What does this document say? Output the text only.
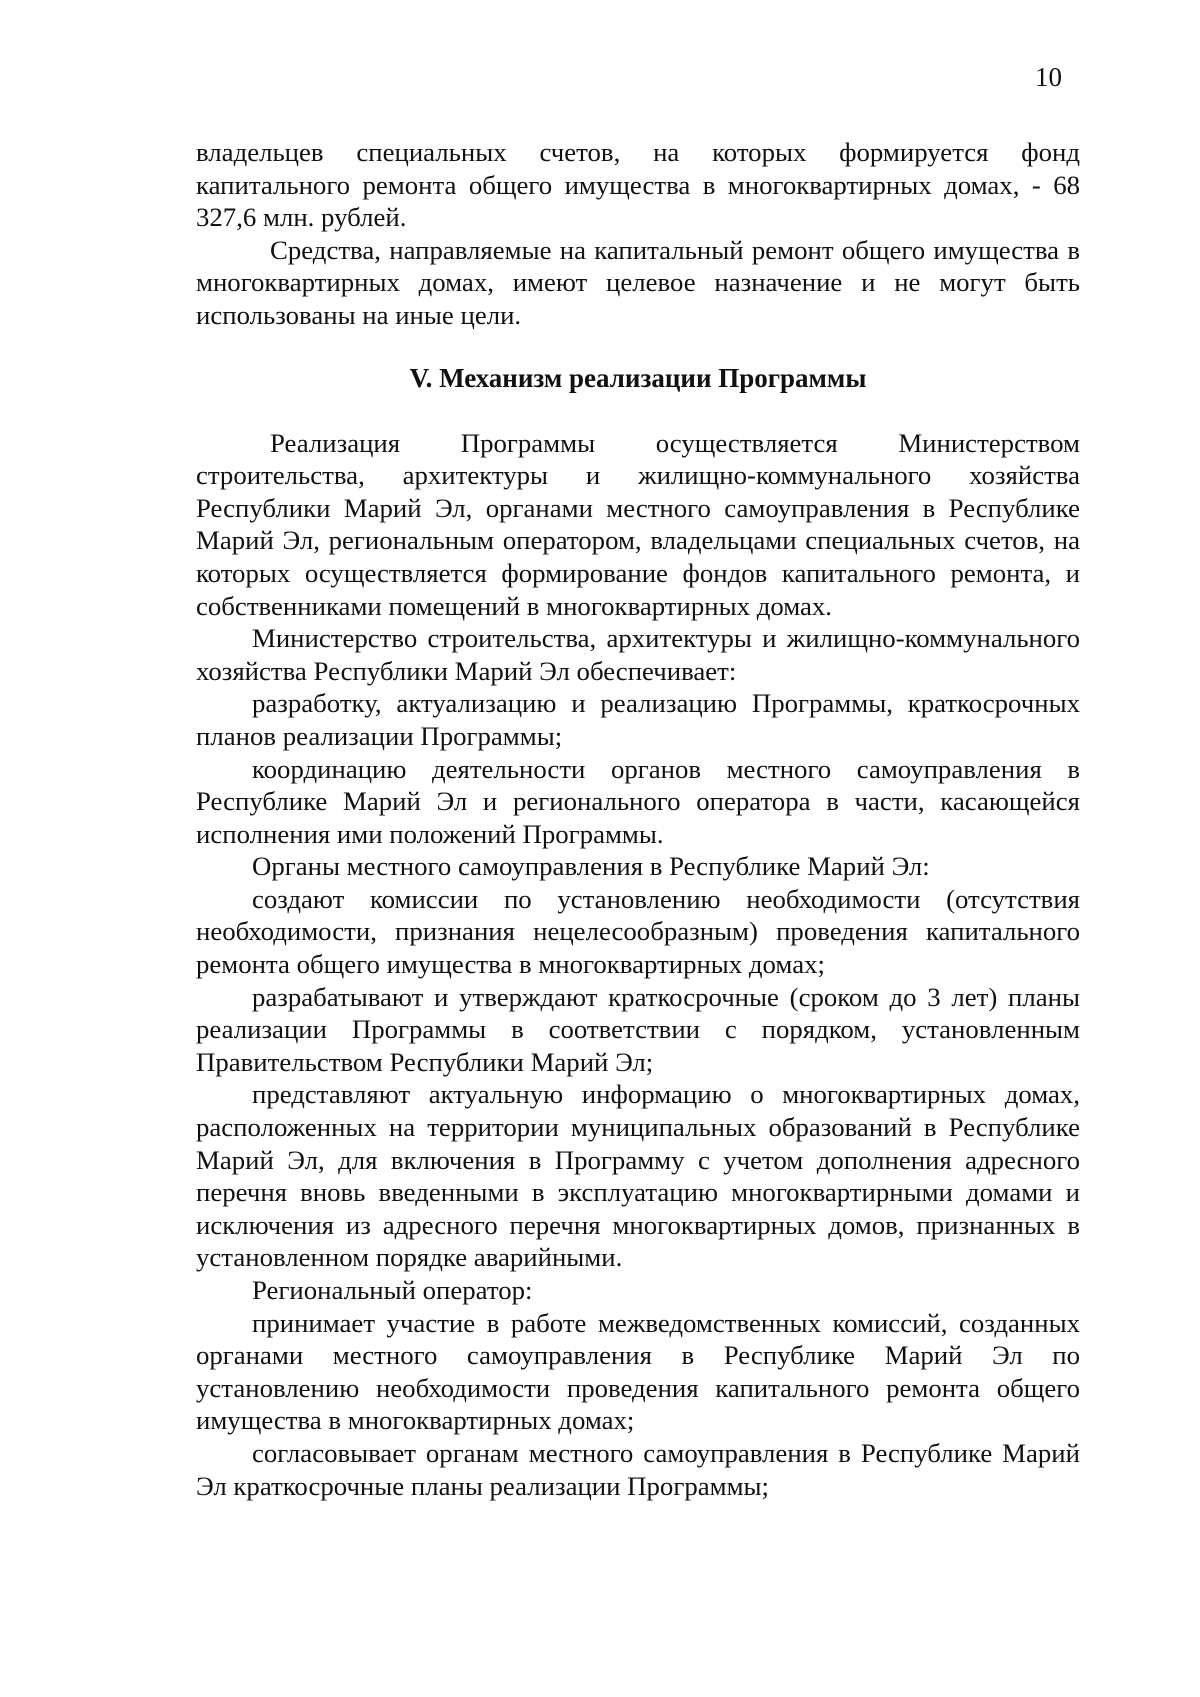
10

владельцев специальных счетов, на которых формируется фонд капитального ремонта общего имущества в многоквартирных домах, - 68 327,6 млн. рублей.

Средства, направляемые на капитальный ремонт общего имущества в многоквартирных домах, имеют целевое назначение и не могут быть использованы на иные цели.

V. Механизм реализации Программы

Реализация Программы осуществляется Министерством строительства, архитектуры и жилищно-коммунального хозяйства Республики Марий Эл, органами местного самоуправления в Республике Марий Эл, региональным оператором, владельцами специальных счетов, на которых осуществляется формирование фондов капитального ремонта, и собственниками помещений в многоквартирных домах.

Министерство строительства, архитектуры и жилищно-коммунального хозяйства Республики Марий Эл обеспечивает:

разработку, актуализацию и реализацию Программы, краткосрочных планов реализации Программы;

координацию деятельности органов местного самоуправления в Республике Марий Эл и регионального оператора в части, касающейся исполнения ими положений Программы.

Органы местного самоуправления в Республике Марий Эл:

создают комиссии по установлению необходимости (отсутствия необходимости, признания нецелесообразным) проведения капитального ремонта общего имущества в многоквартирных домах;

разрабатывают и утверждают краткосрочные (сроком до 3 лет) планы реализации Программы в соответствии с порядком, установленным Правительством Республики Марий Эл;

представляют актуальную информацию о многоквартирных домах, расположенных на территории муниципальных образований в Республике Марий Эл, для включения в Программу с учетом дополнения адресного перечня вновь введенными в эксплуатацию многоквартирными домами и исключения из адресного перечня многоквартирных домов, признанных в установленном порядке аварийными.

Региональный оператор:

принимает участие в работе межведомственных комиссий, созданных органами местного самоуправления в Республике Марий Эл по установлению необходимости проведения капитального ремонта общего имущества в многоквартирных домах;

согласовывает органам местного самоуправления в Республике Марий Эл краткосрочные планы реализации Программы;
